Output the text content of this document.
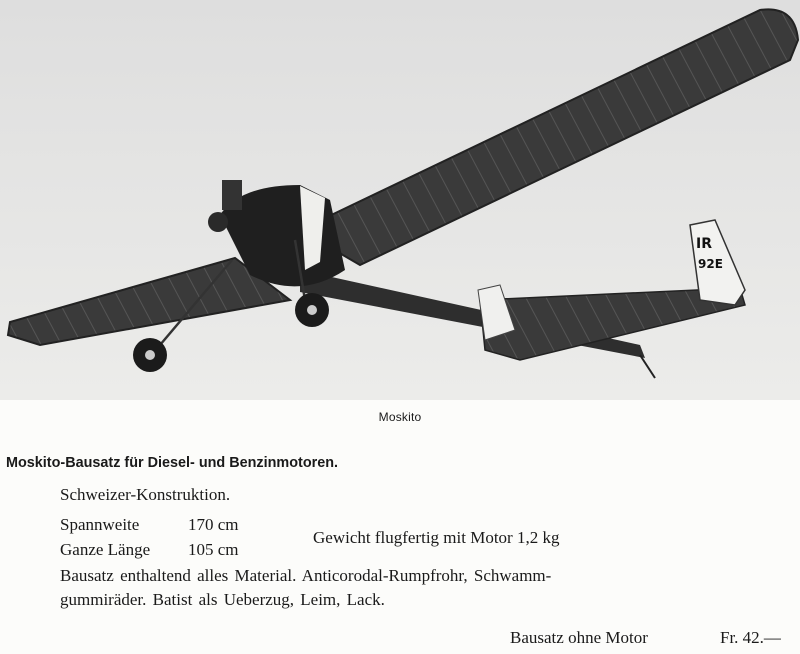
IR
92E
Moskito
Moskito-Bausatz für Diesel- und Benzinmotoren.
Schweizer-Konstruktion.
Spannweite	170 cm
Ganze Länge 105 cm
Gewicht flugfertig mit Motor 1,2 kg
Bausatz enthaltend alles Material. Anticorodal-Rumpfrohr, Schwamm-
gummiräder. Batist als Ueberzug, Leim, Lack.
Bausatz ohne Motor	Fr. 42.—
